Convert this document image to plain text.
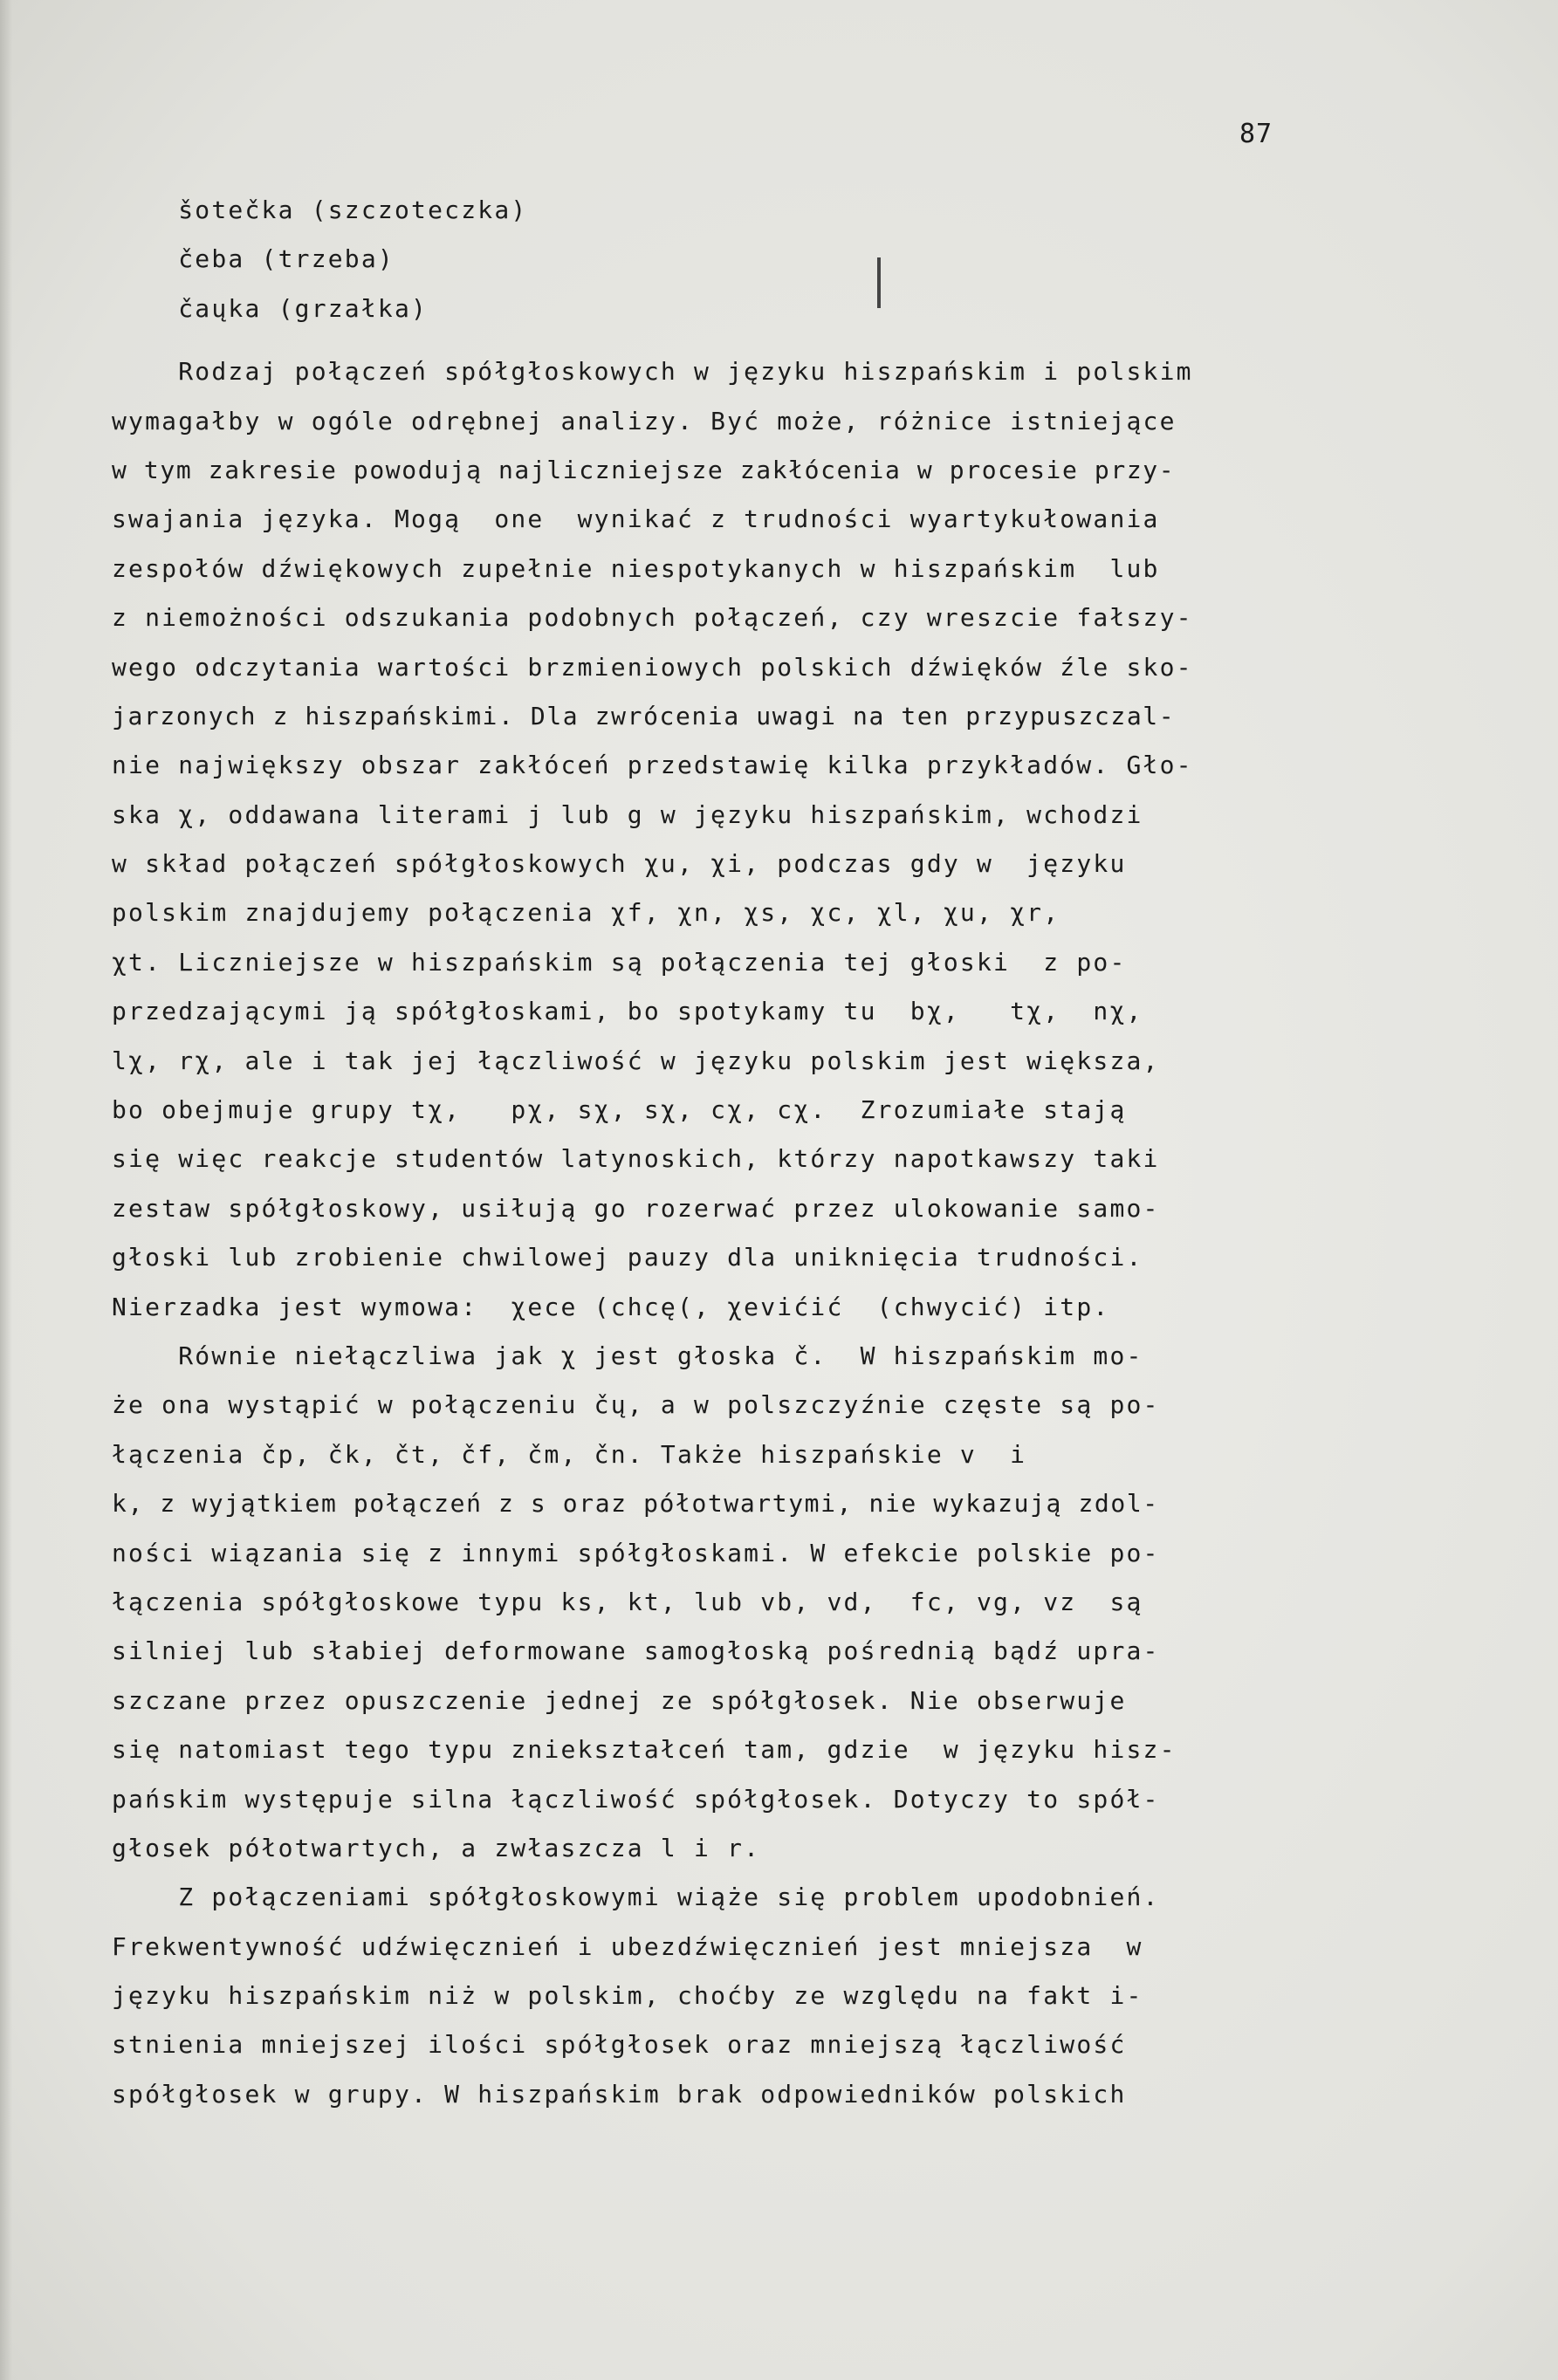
87
šotečka (szczoteczka)
čeba (trzeba)
čaųka (grzałka)
Rodzaj połączeń spółgłoskowych w języku hiszpańskim i polskim
wymagałby w ogóle odrębnej analizy. Być może, różnice istniejące
w tym zakresie powodują najliczniejsze zakłócenia w procesie przy-
swajania języka. Mogą  one  wynikać z trudności wyartykułowania
zespołów dźwiękowych zupełnie niespotykanych w hiszpańskim  lub
z niemożności odszukania podobnych połączeń, czy wreszcie fałszy-
wego odczytania wartości brzmieniowych polskich dźwięków źle sko-
jarzonych z hiszpańskimi. Dla zwrócenia uwagi na ten przypuszczal-
nie największy obszar zakłóceń przedstawię kilka przykładów. Gło-
ska χ, oddawana literami j lub g w języku hiszpańskim, wchodzi
w skład połączeń spółgłoskowych χu, χi, podczas gdy w  języku
polskim znajdujemy połączenia χf, χn, χs, χc, χl, χu, χr,
χt. Liczniejsze w hiszpańskim są połączenia tej głoski  z po-
przedzającymi ją spółgłoskami, bo spotykamy tu  bχ,   tχ,  nχ,
lχ, rχ, ale i tak jej łączliwość w języku polskim jest większa,
bo obejmuje grupy tχ,   pχ, sχ, sχ, cχ, cχ.  Zrozumiałe stają
się więc reakcje studentów latynoskich, którzy napotkawszy taki
zestaw spółgłoskowy, usiłują go rozerwać przez ulokowanie samo-
głoski lub zrobienie chwilowej pauzy dla uniknięcia trudności.
Nierzadka jest wymowa:  χece (chcę(, χevićić  (chwycić) itp.
Równie niełączliwa jak χ jest głoska č.  W hiszpańskim mo-
że ona wystąpić w połączeniu čų, a w polszczyźnie częste są po-
łączenia čp, čk, čt, čf, čm, čn. Także hiszpańskie v  i
k, z wyjątkiem połączeń z s oraz półotwartymi, nie wykazują zdol-
ności wiązania się z innymi spółgłoskami. W efekcie polskie po-
łączenia spółgłoskowe typu ks, kt, lub vb, vd,  fc, vg, vz  są
silniej lub słabiej deformowane samogłoską pośrednią bądź upra-
szczane przez opuszczenie jednej ze spółgłosek. Nie obserwuje
się natomiast tego typu zniekształceń tam, gdzie  w języku hisz-
pańskim występuje silna łączliwość spółgłosek. Dotyczy to spół-
głosek półotwartych, a zwłaszcza l i r.
Z połączeniami spółgłoskowymi wiąże się problem upodobnień.
Frekwentywność udźwięcznień i ubezdźwięcznień jest mniejsza  w
języku hiszpańskim niż w polskim, choćby ze względu na fakt i-
stnienia mniejszej ilości spółgłosek oraz mniejszą łączliwość
spółgłosek w grupy. W hiszpańskim brak odpowiedników polskich
